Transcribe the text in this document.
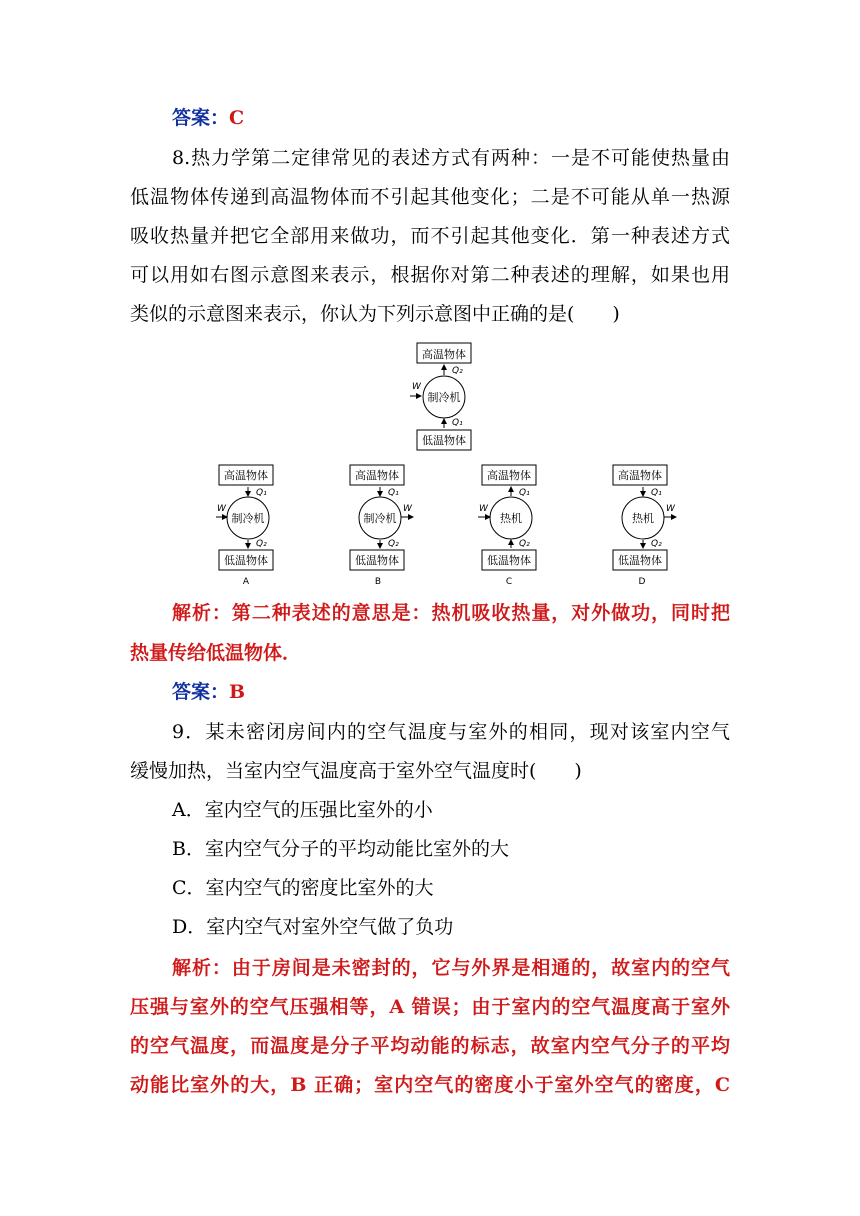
答案：C
8.热力学第二定律常见的表述方式有两种：一是不可能使热量由
低温物体传递到高温物体而不引起其他变化；二是不可能从单一热源
吸收热量并把它全部用来做功，而不引起其他变化．第一种表述方式
可以用如右图示意图来表示，根据你对第二种表述的理解，如果也用
类似的示意图来表示，你认为下列示意图中正确的是(　　)
高温物体
制冷机
低温物体
Q₂
Q₁
W
高温物体
制冷机
低温物体
Q₁
Q₂
W
A
高温物体
制冷机
低温物体
Q₁
Q₂
W
B
高温物体
热机
低温物体
Q₁
Q₂
W
C
高温物体
热机
低温物体
Q₁
Q₂
W
D
解析：第二种表述的意思是：热机吸收热量，对外做功，同时把
热量传给低温物体．
答案：B
9．某未密闭房间内的空气温度与室外的相同，现对该室内空气
缓慢加热，当室内空气温度高于室外空气温度时(　　)
A．室内空气的压强比室外的小
B．室内空气分子的平均动能比室外的大
C．室内空气的密度比室外的大
D．室内空气对室外空气做了负功
解析：由于房间是未密封的，它与外界是相通的，故室内的空气
压强与室外的空气压强相等，A 错误；由于室内的空气温度高于室外
的空气温度，而温度是分子平均动能的标志，故室内空气分子的平均
动能比室外的大，B 正确；室内空气的密度小于室外空气的密度，C
